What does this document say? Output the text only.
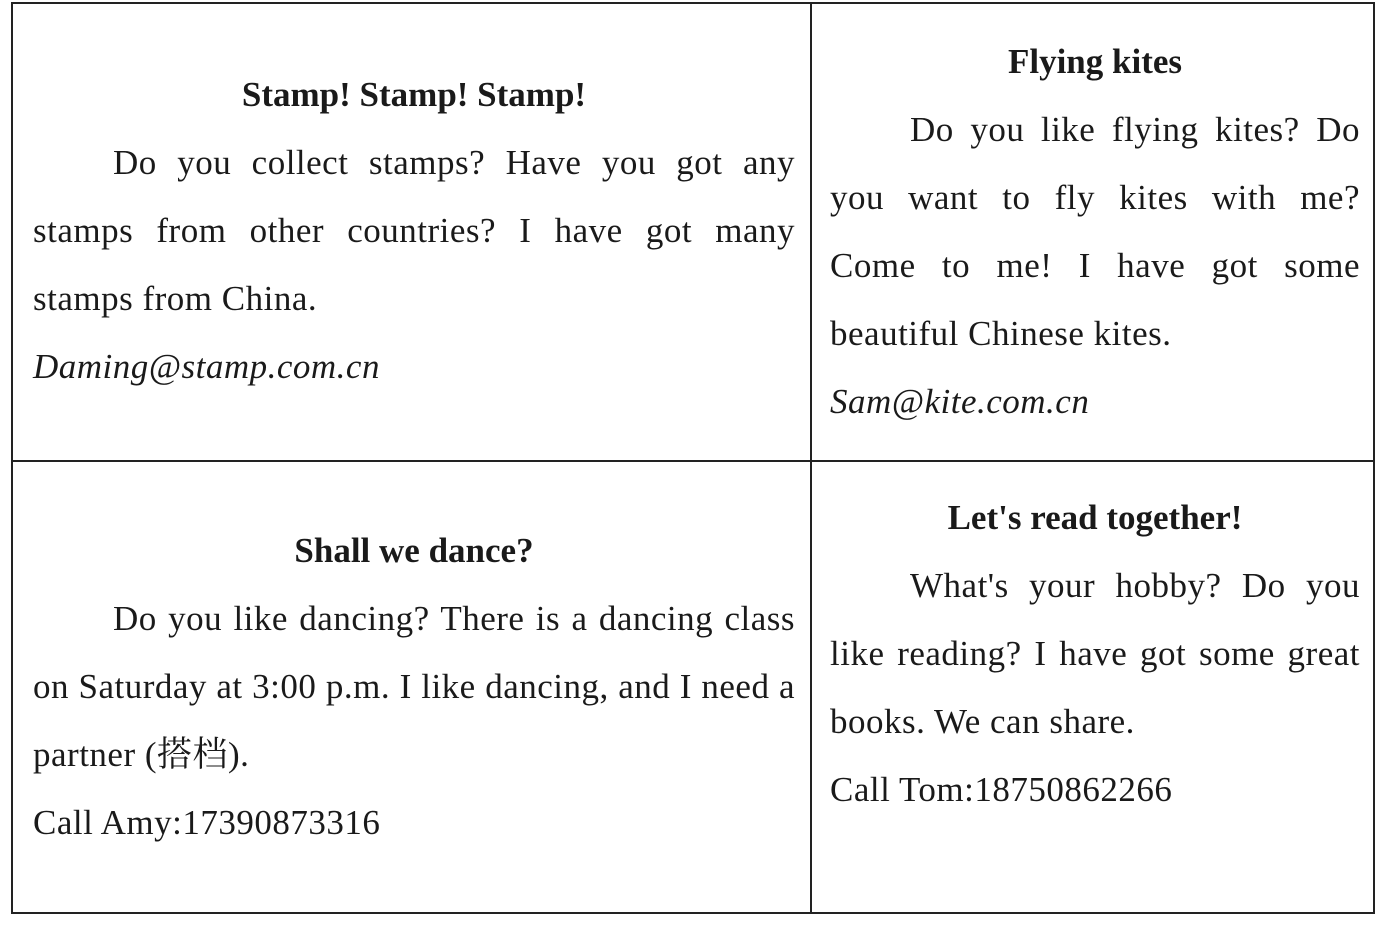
Stamp! Stamp! Stamp!

Do you collect stamps? Have you got any stamps from other countries? I have got many stamps from China.

Daming@stamp.com.cn

Flying kites

Do you like flying kites? Do you want to fly kites with me? Come to me! I have got some beautiful Chinese kites.

Sam@kite.com.cn

Shall we dance?

Do you like dancing? There is a dancing class on Saturday at 3:00 p.m. I like dancing, and I need a partner (搭档).

Call Amy:17390873316

Let's read together!

What's your hobby? Do you like reading? I have got some great books. We can share.

Call Tom:18750862266
